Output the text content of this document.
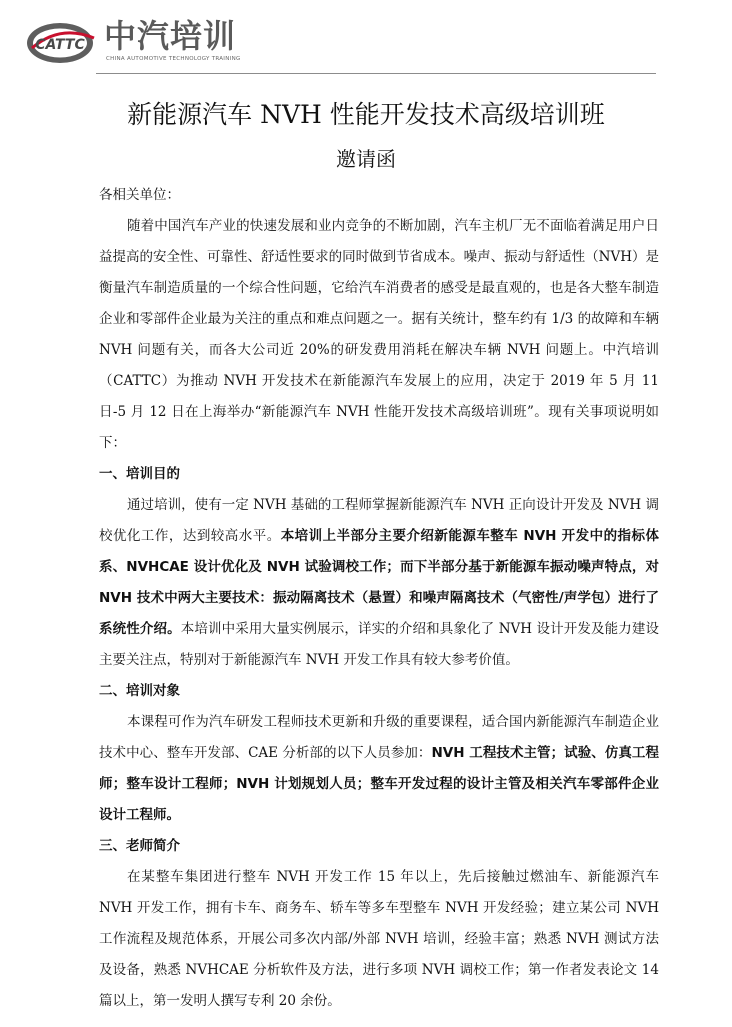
CATTC 中汽培训
CHINA AUTOMOTIVE TECHNOLOGY TRAINING
新能源汽车 NVH 性能开发技术高级培训班
邀请函

各相关单位：

随着中国汽车产业的快速发展和业内竞争的不断加剧，汽车主机厂无不面临着满足用户日益提高的安全性、可靠性、舒适性要求的同时做到节省成本。噪声、振动与舒适性（NVH）是衡量汽车制造质量的一个综合性问题，它给汽车消费者的感受是最直观的，也是各大整车制造企业和零部件企业最为关注的重点和难点问题之一。据有关统计，整车约有 1/3 的故障和车辆 NVH 问题有关，而各大公司近 20%的研发费用消耗在解决车辆 NVH 问题上。中汽培训（CATTC）为推动 NVH 开发技术在新能源汽车发展上的应用，决定于 2019 年 5 月 11 日-5 月 12 日在上海举办“新能源汽车 NVH 性能开发技术高级培训班”。现有关事项说明如下：

一、培训目的

通过培训，使有一定 NVH 基础的工程师掌握新能源汽车 NVH 正向设计开发及 NVH 调校优化工作，达到较高水平。本培训上半部分主要介绍新能源车整车 NVH 开发中的指标体系、NVHCAE 设计优化及 NVH 试验调校工作；而下半部分基于新能源车振动噪声特点，对 NVH 技术中两大主要技术：振动隔离技术（悬置）和噪声隔离技术（气密性/声学包）进行了系统性介绍。本培训中采用大量实例展示，详实的介绍和具象化了 NVH 设计开发及能力建设主要关注点，特别对于新能源汽车 NVH 开发工作具有较大参考价值。

二、培训对象

本课程可作为汽车研发工程师技术更新和升级的重要课程，适合国内新能源汽车制造企业技术中心、整车开发部、CAE 分析部的以下人员参加：NVH 工程技术主管；试验、仿真工程师；整车设计工程师；NVH 计划规划人员；整车开发过程的设计主管及相关汽车零部件企业设计工程师。

三、老师简介

在某整车集团进行整车 NVH 开发工作 15 年以上，先后接触过燃油车、新能源汽车 NVH 开发工作，拥有卡车、商务车、轿车等多车型整车 NVH 开发经验；建立某公司 NVH 工作流程及规范体系，开展公司多次内部/外部 NVH 培训，经验丰富；熟悉 NVH 测试方法及设备，熟悉 NVHCAE 分析软件及方法，进行多项 NVH 调校工作；第一作者发表论文 14 篇以上，第一发明人撰写专利 20 余份。
